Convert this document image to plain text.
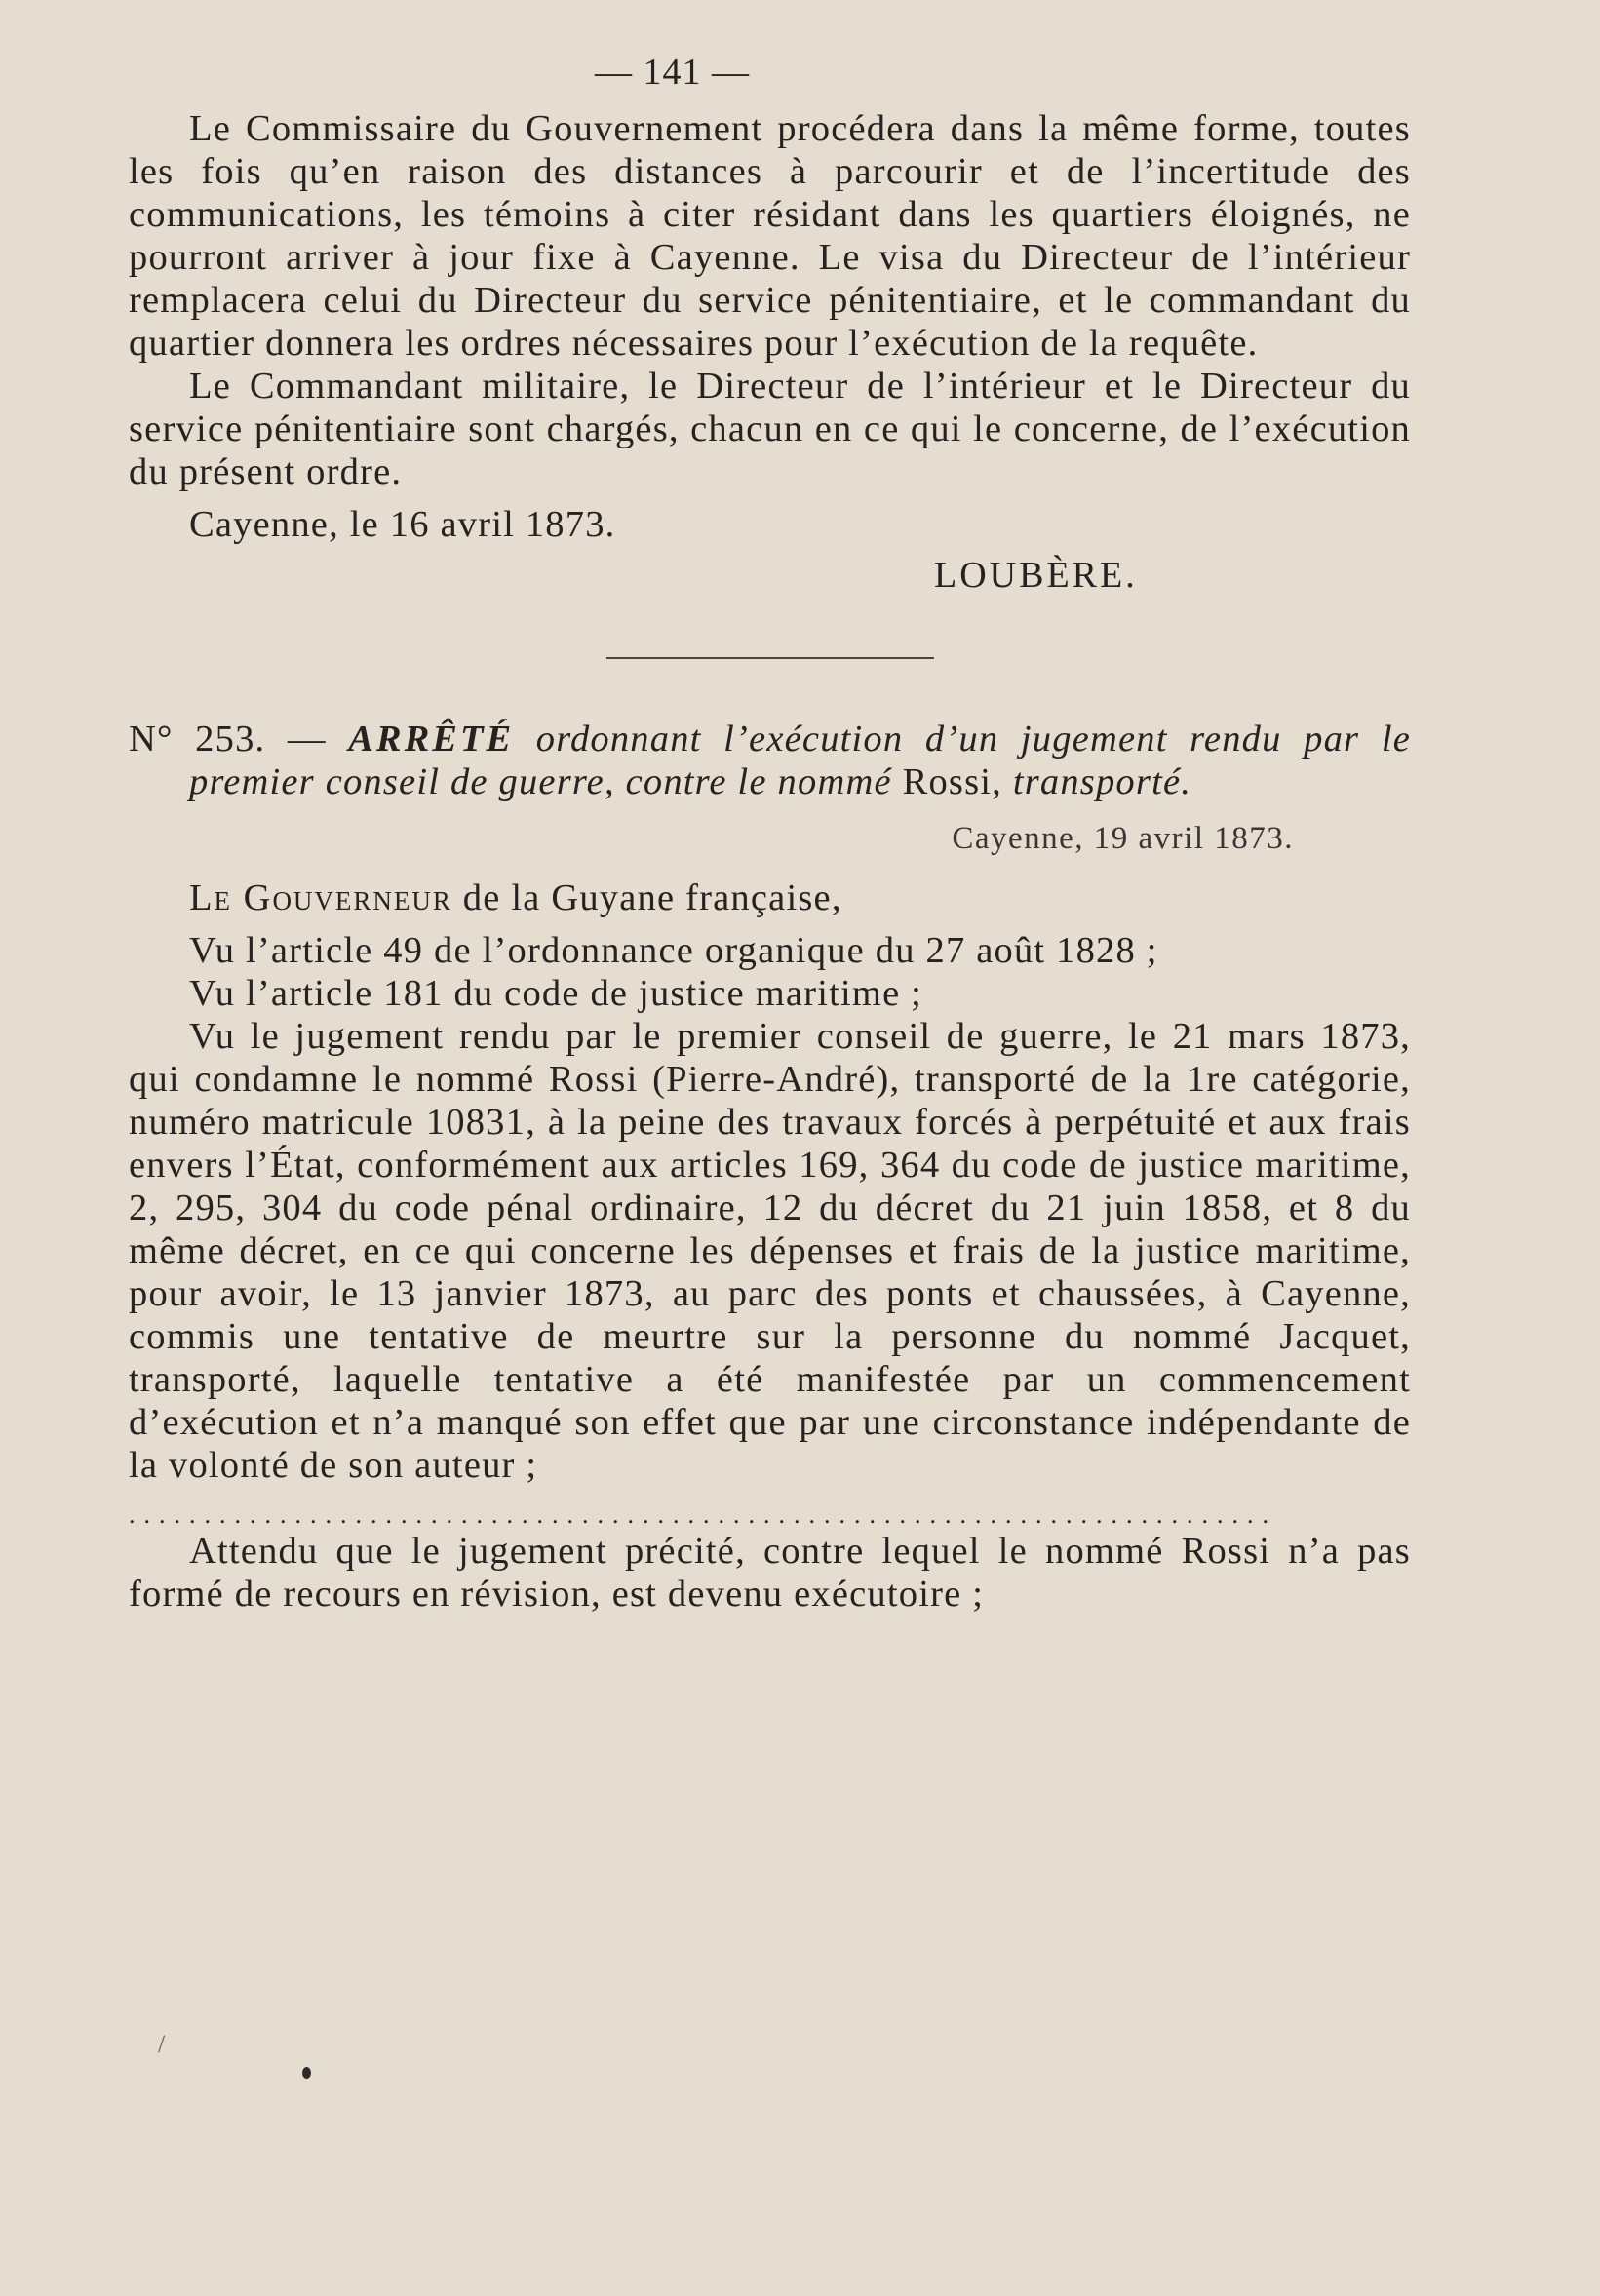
— 141 —

Le Commissaire du Gouvernement procédera dans la même forme, toutes les fois qu’en raison des distances à parcourir et de l’incertitude des communications, les témoins à citer résidant dans les quartiers éloignés, ne pourront arriver à jour fixe à Cayenne. Le visa du Directeur de l’intérieur remplacera celui du Directeur du service pénitentiaire, et le commandant du quartier donnera les ordres nécessaires pour l’exécution de la requête.

Le Commandant militaire, le Directeur de l’intérieur et le Directeur du service pénitentiaire sont chargés, chacun en ce qui le concerne, de l’exécution du présent ordre.

Cayenne, le 16 avril 1873.

LOUBÈRE.

N° 253. — ARRÊTÉ ordonnant l’exécution d’un jugement rendu par le premier conseil de guerre, contre le nommé Rossi, transporté.

Cayenne, 19 avril 1873.

Le Gouverneur de la Guyane française,

Vu l’article 49 de l’ordonnance organique du 27 août 1828 ;

Vu l’article 181 du code de justice maritime ;

Vu le jugement rendu par le premier conseil de guerre, le 21 mars 1873, qui condamne le nommé Rossi (Pierre-André), transporté de la 1re catégorie, numéro matricule 10831, à la peine des travaux forcés à perpétuité et aux frais envers l’État, conformément aux articles 169, 364 du code de justice maritime, 2, 295, 304 du code pénal ordinaire, 12 du décret du 21 juin 1858, et 8 du même décret, en ce qui concerne les dépenses et frais de la justice maritime, pour avoir, le 13 janvier 1873, au parc des ponts et chaussées, à Cayenne, commis une tentative de meurtre sur la personne du nommé Jacquet, transporté, laquelle tentative a été manifestée par un commencement d’exécution et n’a manqué son effet que par une circonstance indépendante de la volonté de son auteur ;

............................................................................

Attendu que le jugement précité, contre lequel le nommé Rossi n’a pas formé de recours en révision, est devenu exécutoire ;

/
